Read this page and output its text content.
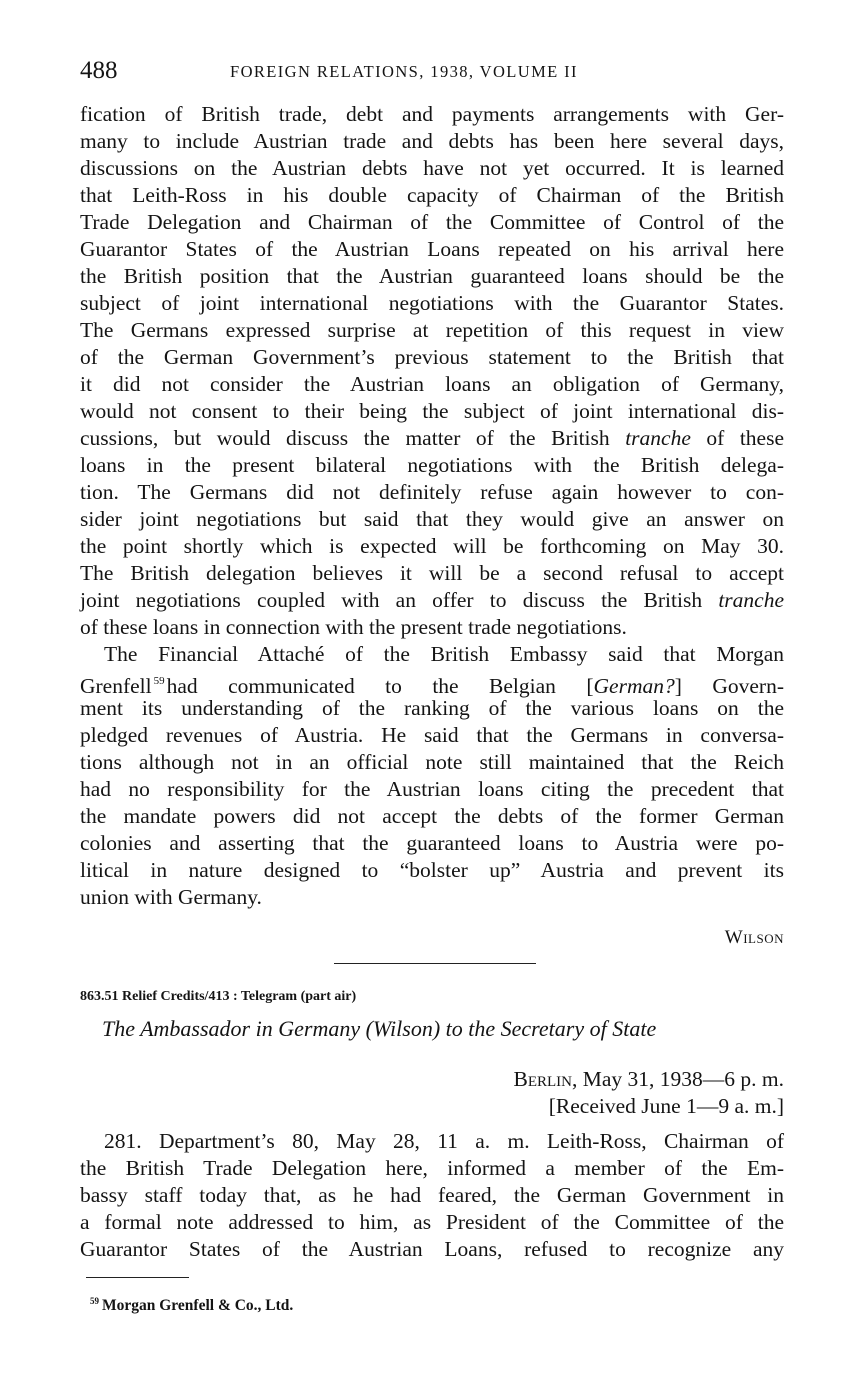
488	FOREIGN RELATIONS, 1938, VOLUME II
fication of British trade, debt and payments arrangements with Ger-
many to include Austrian trade and debts has been here several days,
discussions on the Austrian debts have not yet occurred. It is learned
that Leith-Ross in his double capacity of Chairman of the British
Trade Delegation and Chairman of the Committee of Control of the
Guarantor States of the Austrian Loans repeated on his arrival here
the British position that the Austrian guaranteed loans should be the
subject of joint international negotiations with the Guarantor States.
The Germans expressed surprise at repetition of this request in view
of the German Government’s previous statement to the British that
it did not consider the Austrian loans an obligation of Germany,
would not consent to their being the subject of joint international dis-
cussions, but would discuss the matter of the British tranche of these
loans in the present bilateral negotiations with the British delega-
tion. The Germans did not definitely refuse again however to con-
sider joint negotiations but said that they would give an answer on
the point shortly which is expected will be forthcoming on May 30.
The British delegation believes it will be a second refusal to accept
joint negotiations coupled with an offer to discuss the British tranche
of these loans in connection with the present trade negotiations.
The Financial Attaché of the British Embassy said that Morgan
Grenfell $^{59}$had communicated to the Belgian [German?] Govern-
ment its understanding of the ranking of the various loans on the
pledged revenues of Austria. He said that the Germans in conversa-
tions although not in an official note still maintained that the Reich
had no responsibility for the Austrian loans citing the precedent that
the mandate powers did not accept the debts of the former German
colonies and asserting that the guaranteed loans to Austria were po-
litical in nature designed to “bolster up” Austria and prevent its
union with Germany.
Wilson
863.51 Relief Credits/413 : Telegram (part air)
The Ambassador in Germany (Wilson) to the Secretary of State
Berlin, May 31, 1938—6 p. m.
[Received June 1—9 a. m.]
281. Department’s 80, May 28, 11 a. m. Leith-Ross, Chairman of
the British Trade Delegation here, informed a member of the Em-
bassy staff today that, as he had feared, the German Government in
a formal note addressed to him, as President of the Committee of the
Guarantor States of the Austrian Loans, refused to recognize any
$^{59}$ Morgan Grenfell & Co., Ltd.
